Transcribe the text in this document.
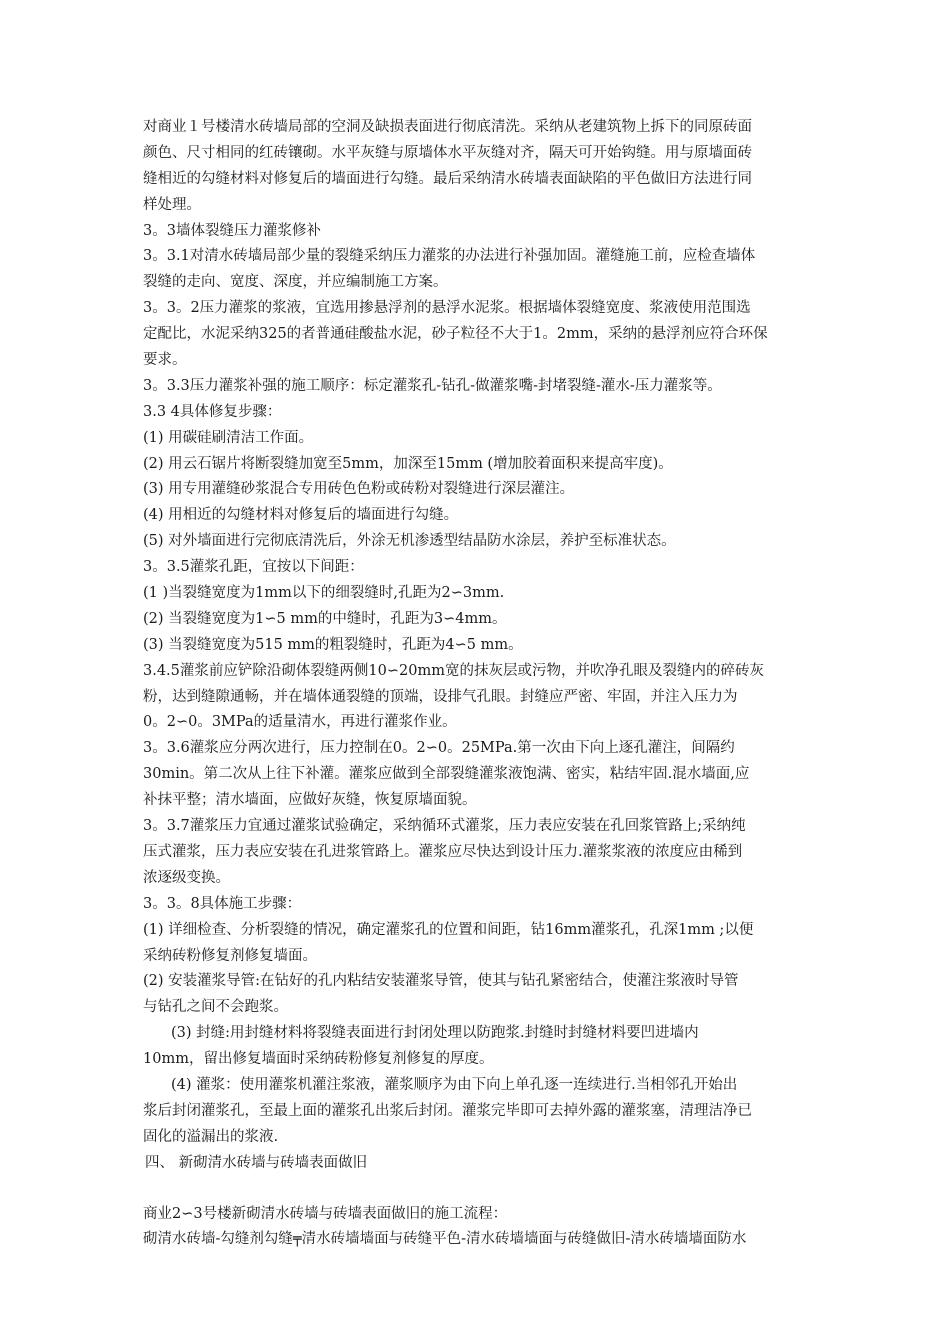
对商业１号楼清水砖墙局部的空洞及缺损表面进行彻底清洗。采纳从老建筑物上拆下的同原砖面
颜色、尺寸相同的红砖镶砌。水平灰缝与原墙体水平灰缝对齐，隔天可开始钩缝。用与原墙面砖
缝相近的勾缝材料对修复后的墙面进行勾缝。最后采纳清水砖墙表面缺陷的平色做旧方法进行同
样处理。
3。3墙体裂缝压力灌浆修补
3。3.1对清水砖墙局部少量的裂缝采纳压力灌浆的办法进行补强加固。灌缝施工前，应检查墙体
裂缝的走向、宽度、深度，并应编制施工方案。
3。3。2压力灌浆的浆液，宜选用掺悬浮剂的悬浮水泥浆。根据墙体裂缝宽度、浆液使用范围选
定配比，水泥采纳325的者普通硅酸盐水泥，砂子粒径不大于1。2mm，采纳的悬浮剂应符合环保
要求。
3。3.3压力灌浆补强的施工顺序：标定灌浆孔-钻孔-做灌浆嘴-封堵裂缝-灌水-压力灌浆等。
3.3 4具体修复步骤：
(1) 用碳硅刷清洁工作面。
(2) 用云石锯片将断裂缝加宽至5mm，加深至15mm (增加胶着面积来提高牢度)。
(3) 用专用灌缝砂浆混合专用砖色色粉或砖粉对裂缝进行深层灌注。
(4) 用相近的勾缝材料对修复后的墙面进行勾缝。
(5) 对外墙面进行完彻底清洗后，外涂无机渗透型结晶防水涂层，养护至标准状态。
3。3.5灌浆孔距，宜按以下间距：
(1 )当裂缝宽度为1mm以下的细裂缝时,孔距为2∽3mm.
(2) 当裂缝宽度为1∽5 mm的中缝时，孔距为3∽4mm。
(3) 当裂缝宽度为515 mm的粗裂缝时，孔距为4∽5 mm。
3.4.5灌浆前应铲除沿砌体裂缝两侧10∽20mm宽的抹灰层或污物，并吹净孔眼及裂缝内的碎砖灰
粉，达到缝隙通畅，并在墙体通裂缝的顶端，设排气孔眼。封缝应严密、牢固，并注入压力为
0。2∽0。3MPa的适量清水，再进行灌浆作业。
3。3.6灌浆应分两次进行，压力控制在0。2∽0。25MPa.第一次由下向上逐孔灌注，间隔约
30min。第二次从上往下补灌。灌浆应做到全部裂缝灌浆液饱满、密实，粘结牢固.混水墙面,应
补抹平整；清水墙面，应做好灰缝，恢复原墙面貌。
3。3.7灌浆压力宜通过灌浆试验确定，采纳循环式灌浆，压力表应安装在孔回浆管路上;采纳纯
压式灌浆，压力表应安装在孔进浆管路上。灌浆应尽快达到设计压力.灌浆浆液的浓度应由稀到
浓逐级变换。
3。3。8具体施工步骤：
(1) 详细检查、分析裂缝的情况，确定灌浆孔的位置和间距，钻16mm灌浆孔，孔深1mm ;以便
采纳砖粉修复剂修复墙面。
(2) 安装灌浆导管:在钻好的孔内粘结安装灌浆导管，使其与钻孔紧密结合，使灌注浆液时导管
与钻孔之间不会跑浆。
(3) 封缝:用封缝材料将裂缝表面进行封闭处理以防跑浆.封缝时封缝材料要凹进墙内
10mm，留出修复墙面时采纳砖粉修复剂修复的厚度。
(4) 灌浆：使用灌浆机灌注浆液，灌浆顺序为由下向上单孔逐一连续进行.当相邻孔开始出
浆后封闭灌浆孔，至最上面的灌浆孔出浆后封闭。灌浆完毕即可去掉外露的灌浆塞，清理洁净已
固化的溢漏出的浆液.
四、 新砌清水砖墙与砖墙表面做旧
商业2∽3号楼新砌清水砖墙与砖墙表面做旧的施工流程：
砌清水砖墙-勾缝剂勾缝╤清水砖墙墙面与砖缝平色-清水砖墙墙面与砖缝做旧-清水砖墙墙面防水
